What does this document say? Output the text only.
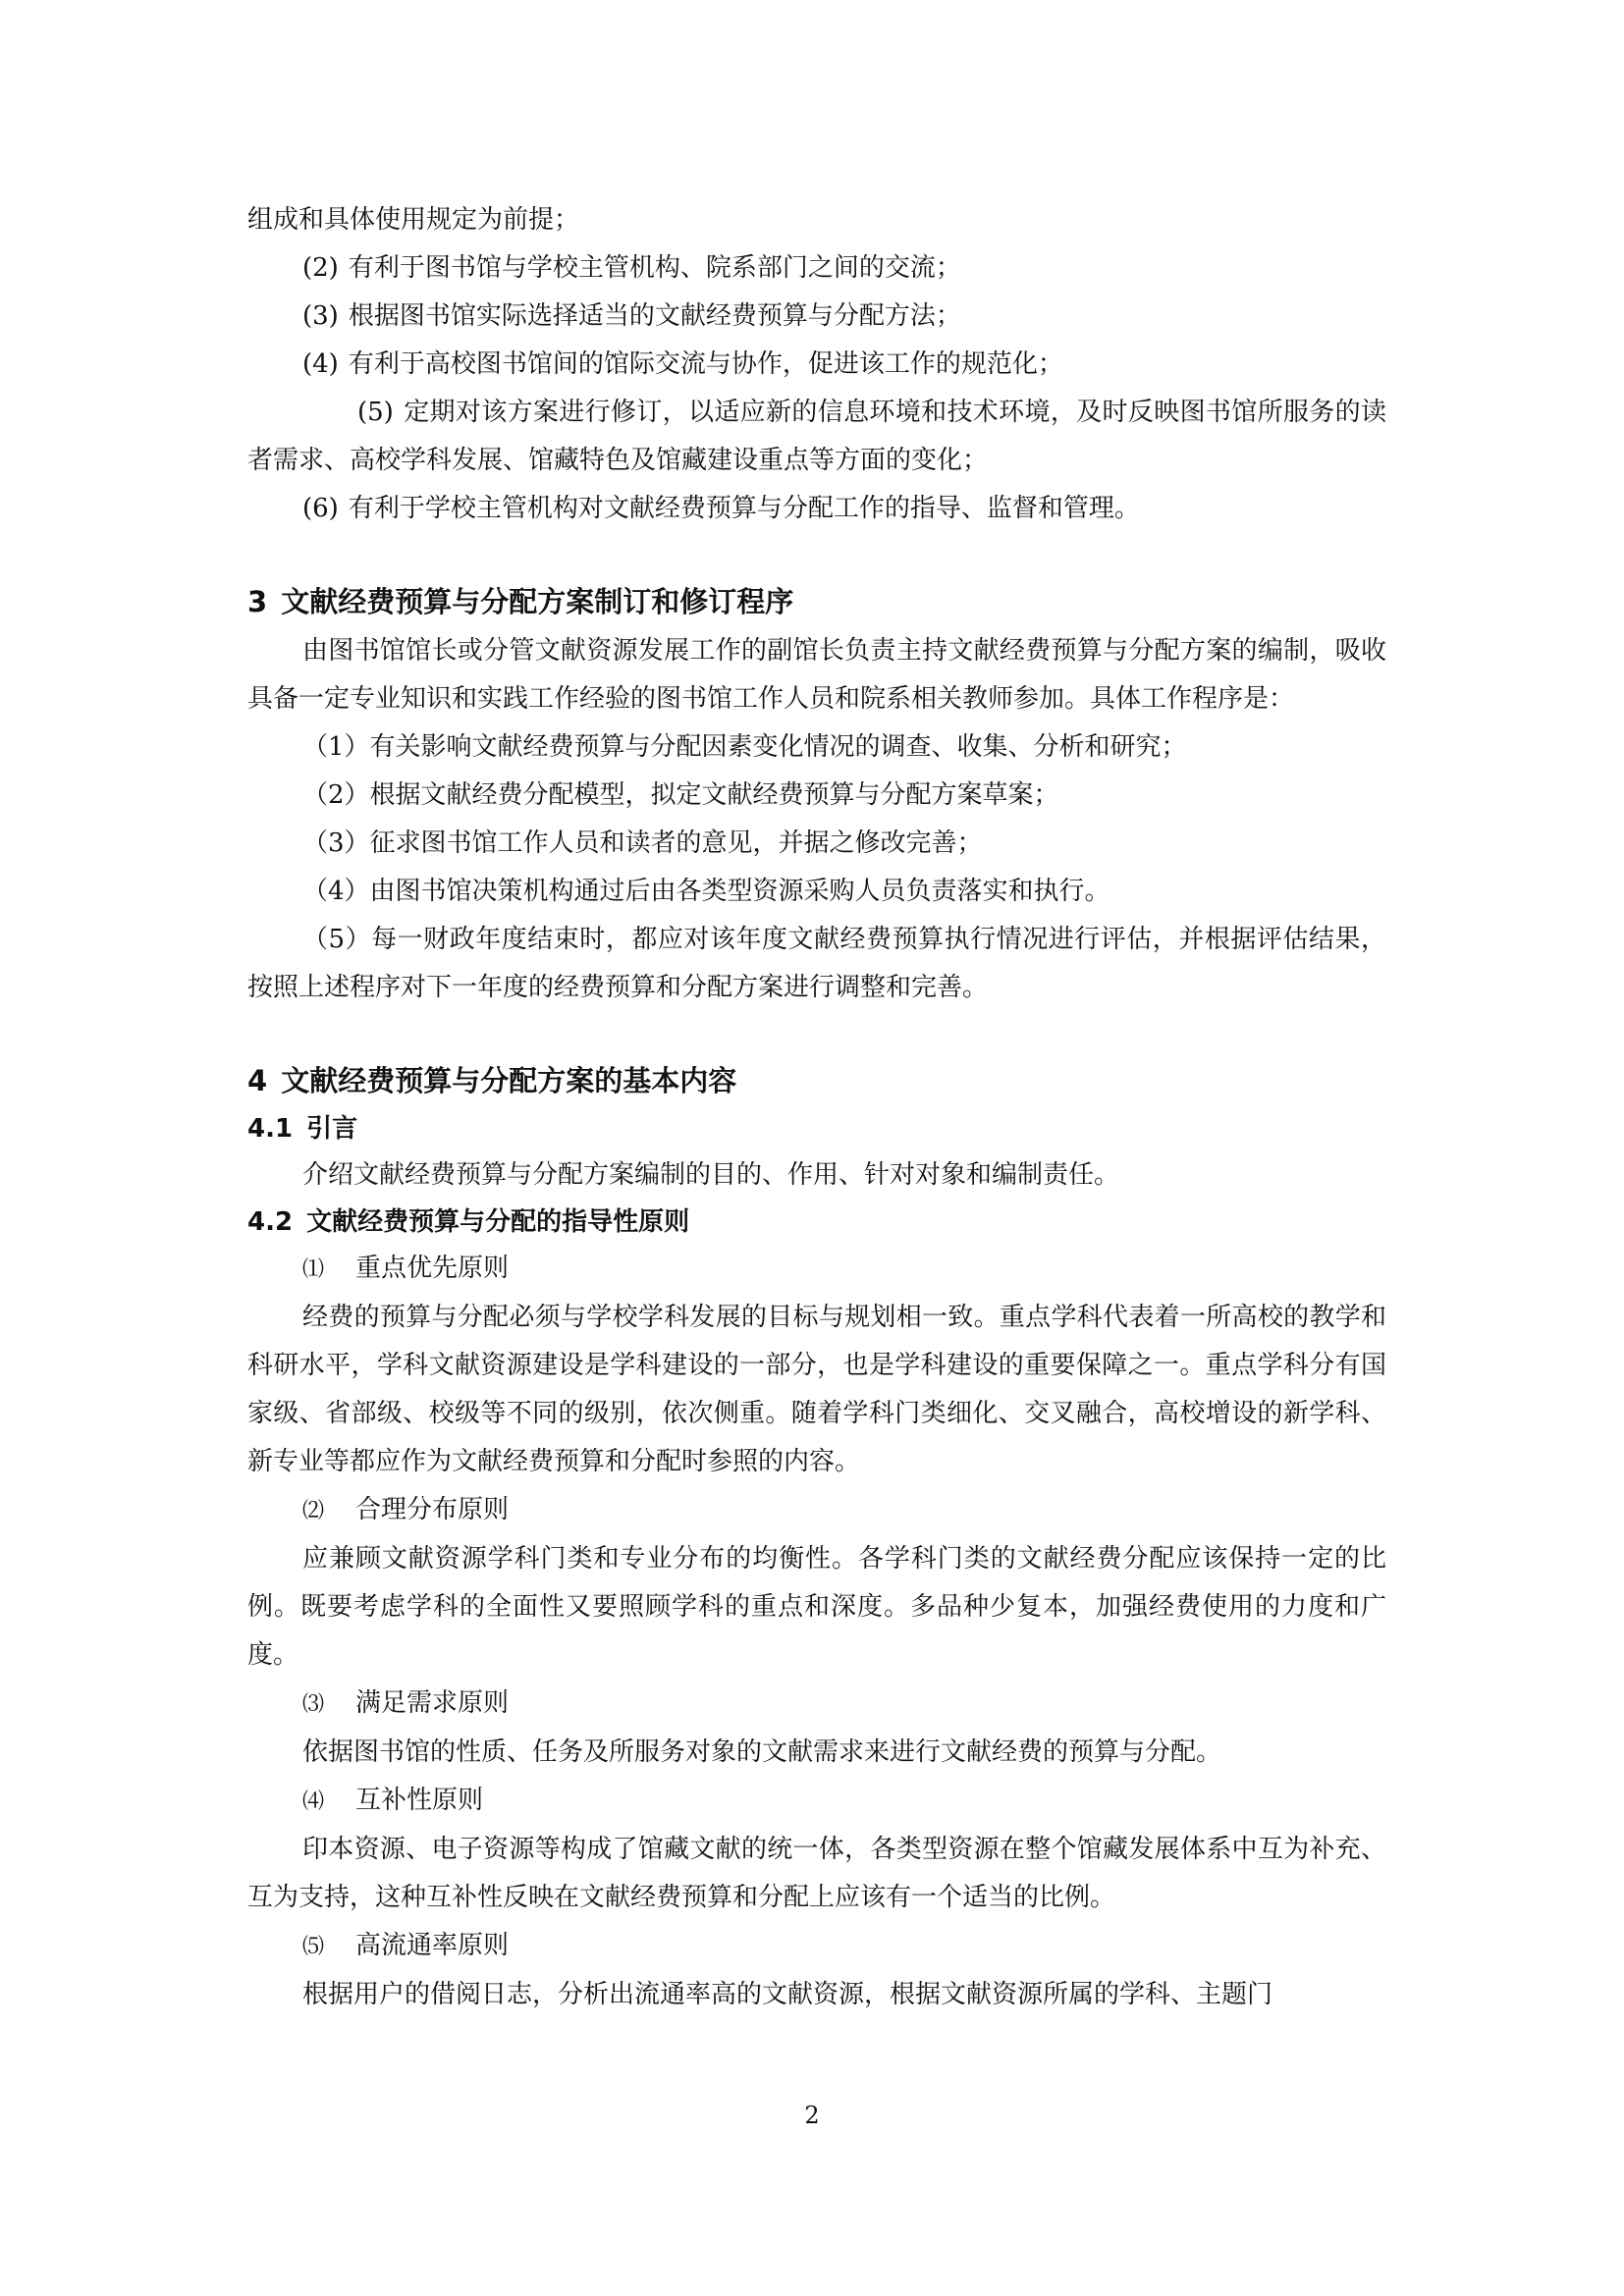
组成和具体使用规定为前提；

(2) 有利于图书馆与学校主管机构、院系部门之间的交流；

(3) 根据图书馆实际选择适当的文献经费预算与分配方法；

(4) 有利于高校图书馆间的馆际交流与协作，促进该工作的规范化；

(5) 定期对该方案进行修订，以适应新的信息环境和技术环境，及时反映图书馆所服务的读者需求、高校学科发展、馆藏特色及馆藏建设重点等方面的变化；

(6) 有利于学校主管机构对文献经费预算与分配工作的指导、监督和管理。

3 文献经费预算与分配方案制订和修订程序

由图书馆馆长或分管文献资源发展工作的副馆长负责主持文献经费预算与分配方案的编制，吸收具备一定专业知识和实践工作经验的图书馆工作人员和院系相关教师参加。具体工作程序是：

（1）有关影响文献经费预算与分配因素变化情况的调查、收集、分析和研究；

（2）根据文献经费分配模型，拟定文献经费预算与分配方案草案；

（3）征求图书馆工作人员和读者的意见，并据之修改完善；

（4）由图书馆决策机构通过后由各类型资源采购人员负责落实和执行。

（5）每一财政年度结束时，都应对该年度文献经费预算执行情况进行评估，并根据评估结果，按照上述程序对下一年度的经费预算和分配方案进行调整和完善。

4 文献经费预算与分配方案的基本内容
4.1 引言

介绍文献经费预算与分配方案编制的目的、作用、针对对象和编制责任。

4.2 文献经费预算与分配的指导性原则

⑴ 重点优先原则

经费的预算与分配必须与学校学科发展的目标与规划相一致。重点学科代表着一所高校的教学和科研水平，学科文献资源建设是学科建设的一部分，也是学科建设的重要保障之一。重点学科分有国家级、省部级、校级等不同的级别，依次侧重。随着学科门类细化、交叉融合，高校增设的新学科、新专业等都应作为文献经费预算和分配时参照的内容。

⑵ 合理分布原则

应兼顾文献资源学科门类和专业分布的均衡性。各学科门类的文献经费分配应该保持一定的比例。既要考虑学科的全面性又要照顾学科的重点和深度。多品种少复本，加强经费使用的力度和广度。

⑶ 满足需求原则

依据图书馆的性质、任务及所服务对象的文献需求来进行文献经费的预算与分配。

⑷ 互补性原则

印本资源、电子资源等构成了馆藏文献的统一体，各类型资源在整个馆藏发展体系中互为补充、互为支持，这种互补性反映在文献经费预算和分配上应该有一个适当的比例。

⑸ 高流通率原则

根据用户的借阅日志，分析出流通率高的文献资源，根据文献资源所属的学科、主题门

2
